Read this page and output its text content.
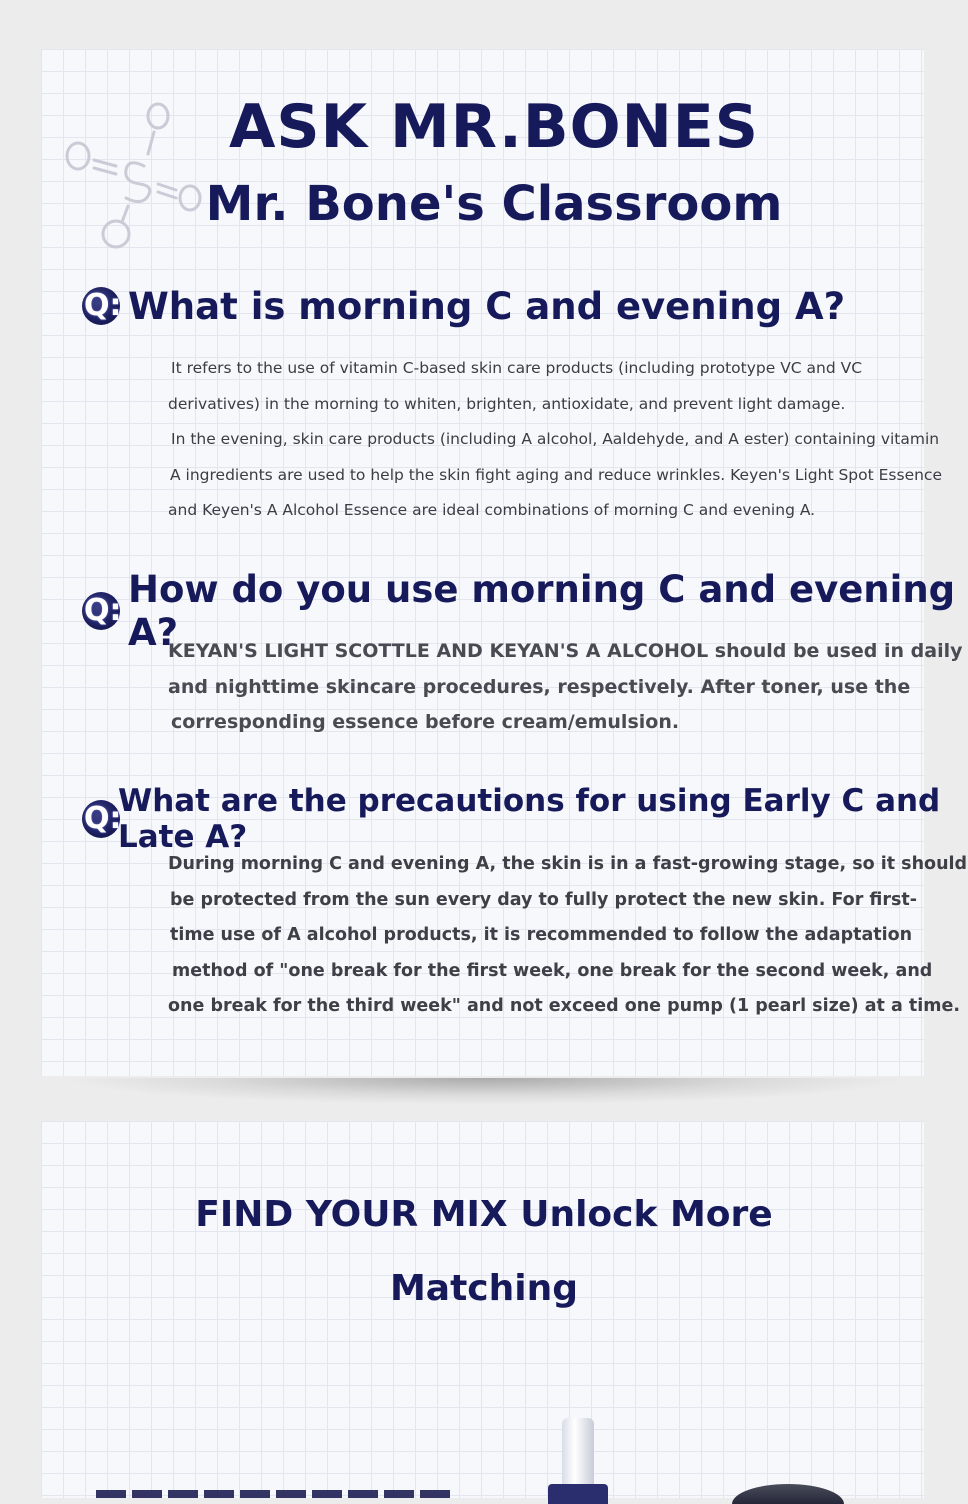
ASK MR.BONES
Mr. Bone's Classroom
Q: What is morning C and evening A?

It refers to the use of vitamin C-based skin care products (including prototype VC and VC

derivatives) in the morning to whiten, brighten, antioxidate, and prevent light damage.

In the evening, skin care products (including A alcohol, Aaldehyde, and A ester) containing vitamin

A ingredients are used to help the skin fight aging and reduce wrinkles. Keyen's Light Spot Essence

and Keyen's A Alcohol Essence are ideal combinations of morning C and evening A.

Q: How do you use morning C and evening A?

KEYAN'S LIGHT SCOTTLE AND KEYAN'S A ALCOHOL should be used in daily

and nighttime skincare procedures, respectively. After toner, use the

corresponding essence before cream/emulsion.

Q:
What are the precautions for using Early C and Late A?

During morning C and evening A, the skin is in a fast-growing stage, so it should

be protected from the sun every day to fully protect the new skin. For first-

time use of A alcohol products, it is recommended to follow the adaptation

method of "one break for the first week, one break for the second week, and

one break for the third week" and not exceed one pump (1 pearl size) at a time.

FIND YOUR MIX Unlock More
Matching
